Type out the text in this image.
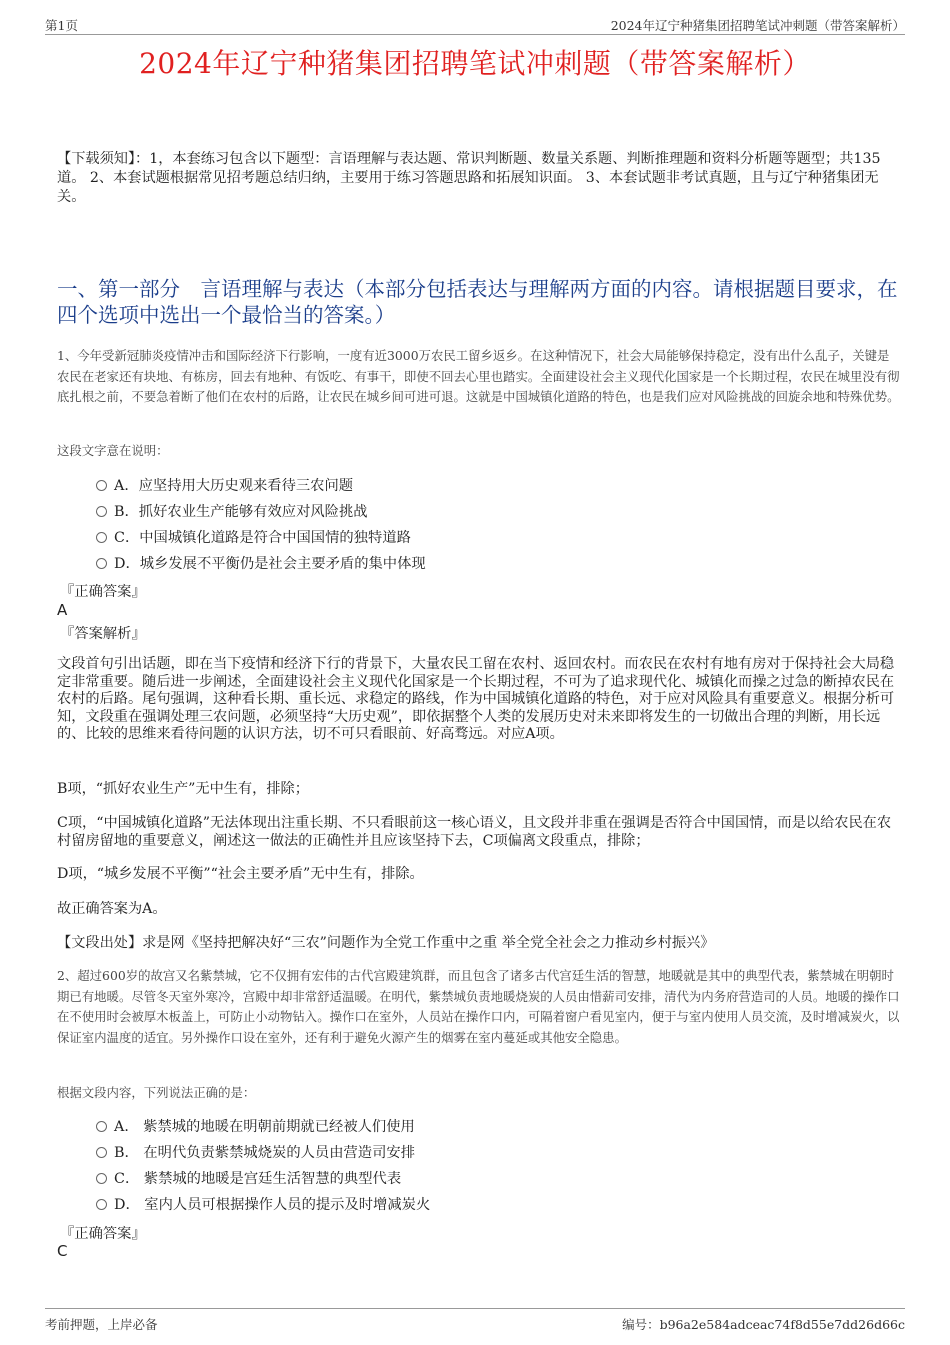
第1页	2024年辽宁种猪集团招聘笔试冲刺题（带答案解析）
2024年辽宁种猪集团招聘笔试冲刺题（带答案解析）
【下载须知】：1，本套练习包含以下题型：言语理解与表达题、常识判断题、数量关系题、判断推理题和资料分析题等题型；共135道。 2、本套试题根据常见招考题总结归纳，主要用于练习答题思路和拓展知识面。 3、本套试题非考试真题，且与辽宁种猪集团无关。
一、第一部分　言语理解与表达（本部分包括表达与理解两方面的内容。请根据题目要求，在四个选项中选出一个最恰当的答案。）
1、今年受新冠肺炎疫情冲击和国际经济下行影响，一度有近3000万农民工留乡返乡。在这种情况下，社会大局能够保持稳定，没有出什么乱子，关键是农民在老家还有块地、有栋房，回去有地种、有饭吃、有事干，即使不回去心里也踏实。全面建设社会主义现代化国家是一个长期过程，农民在城里没有彻底扎根之前，不要急着断了他们在农村的后路，让农民在城乡间可进可退。这就是中国城镇化道路的特色，也是我们应对风险挑战的回旋余地和特殊优势。
这段文字意在说明：
A．应坚持用大历史观来看待三农问题
B．抓好农业生产能够有效应对风险挑战
C．中国城镇化道路是符合中国国情的独特道路
D．城乡发展不平衡仍是社会主要矛盾的集中体现
『正确答案』
A
『答案解析』
文段首句引出话题，即在当下疫情和经济下行的背景下，大量农民工留在农村、返回农村。而农民在农村有地有房对于保持社会大局稳定非常重要。随后进一步阐述，全面建设社会主义现代化国家是一个长期过程，不可为了追求现代化、城镇化而操之过急的断掉农民在农村的后路。尾句强调，这种看长期、重长远、求稳定的路线，作为中国城镇化道路的特色，对于应对风险具有重要意义。根据分析可知，文段重在强调处理三农问题，必须坚持“大历史观”，即依据整个人类的发展历史对未来即将发生的一切做出合理的判断，用长远的、比较的思维来看待问题的认识方法，切不可只看眼前、好高骛远。对应A项。
B项，“抓好农业生产”无中生有，排除；
C项，“中国城镇化道路”无法体现出注重长期、不只看眼前这一核心语义，且文段并非重在强调是否符合中国国情，而是以给农民在农村留房留地的重要意义，阐述这一做法的正确性并且应该坚持下去，C项偏离文段重点，排除；
D项，“城乡发展不平衡”“社会主要矛盾”无中生有，排除。
故正确答案为A。
【文段出处】求是网《坚持把解决好“三农”问题作为全党工作重中之重 举全党全社会之力推动乡村振兴》
2、超过600岁的故宫又名紫禁城，它不仅拥有宏伟的古代宫殿建筑群，而且包含了诸多古代宫廷生活的智慧，地暖就是其中的典型代表，紫禁城在明朝时期已有地暖。尽管冬天室外寒冷，宫殿中却非常舒适温暖。在明代，紫禁城负责地暖烧炭的人员由惜薪司安排，清代为内务府营造司的人员。地暖的操作口在不使用时会被厚木板盖上，可防止小动物钻入。操作口在室外，人员站在操作口内，可隔着窗户看见室内，便于与室内使用人员交流，及时增减炭火，以保证室内温度的适宜。另外操作口设在室外，还有利于避免火源产生的烟雾在室内蔓延或其他安全隐患。
根据文段内容，下列说法正确的是：
A． 紫禁城的地暖在明朝前期就已经被人们使用
B． 在明代负责紫禁城烧炭的人员由营造司安排
C． 紫禁城的地暖是宫廷生活智慧的典型代表
D． 室内人员可根据操作人员的提示及时增减炭火
『正确答案』
C
考前押题，上岸必备	编号：b96a2e584adceac74f8d55e7dd26d66c
